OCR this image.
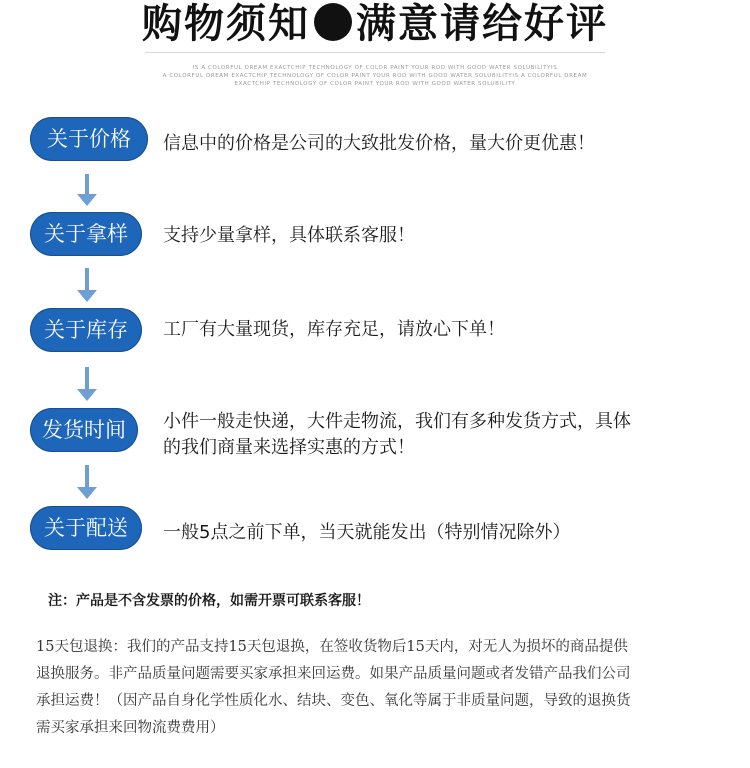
购物须知 满意请给好评
IS A COLORFUL DREAM EXACTCHIP TECHNOLOGY OF COLOR PAINT YOUR ROD WITH GOOD WATER SOLUBILITYIS
A COLORFUL DREAM EXACTCHIP TECHNOLOGY OF COLOR PAINT YOUR ROD WITH GOOD WATER SOLUBILITYIS A COLORFUL DREAM
EXACTCHIP TECHNOLOGY OF COLOR PAINT YOUR ROD WITH GOOD WATER SOLUBILITY
关于价格	信息中的价格是公司的大致批发价格，量大价更优惠！
关于拿样	支持少量拿样，具体联系客服！
关于库存	工厂有大量现货，库存充足，请放心下单！
发货时间	小件一般走快递，大件走物流，我们有多种发货方式，具体
的我们商量来选择实惠的方式！
关于配送	一般5点之前下单，当天就能发出（特别情况除外）
注：产品是不含发票的价格，如需开票可联系客服！
15天包退换：我们的产品支持15天包退换，在签收货物后15天内，对无人为损坏的商品提供
退换服务。非产品质量问题需要买家承担来回运费。如果产品质量问题或者发错产品我们公司
承担运费！（因产品自身化学性质化水、结块、变色、氧化等属于非质量问题，导致的退换货
需买家承担来回物流费费用）
